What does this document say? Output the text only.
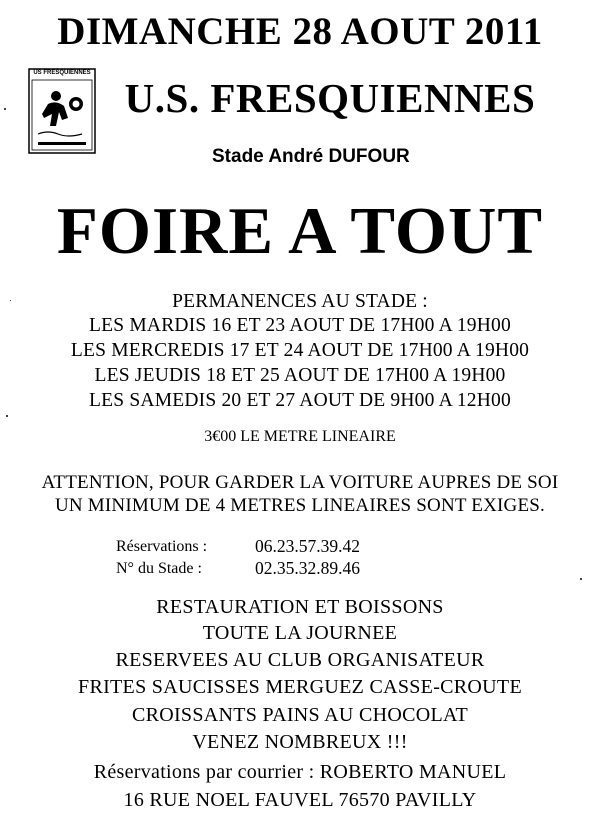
DIMANCHE 28 AOUT 2011
US FRESQUIENNES
U.S. FRESQUIENNES
Stade André DUFOUR
FOIRE A TOUT
PERMANENCES AU STADE :
LES MARDIS 16 ET 23 AOUT DE 17H00 A 19H00
LES MERCREDIS 17 ET 24 AOUT DE 17H00 A 19H00
LES JEUDIS 18 ET 25 AOUT DE 17H00 A 19H00
LES SAMEDIS 20 ET 27 AOUT DE 9H00 A 12H00
3€00 LE METRE LINEAIRE
ATTENTION, POUR GARDER LA VOITURE AUPRES DE SOI
UN MINIMUM DE 4 METRES LINEAIRES SONT EXIGES.
Réservations :	06.23.57.39.42
N° du Stade :	02.35.32.89.46
RESTAURATION ET BOISSONS
TOUTE LA JOURNEE
RESERVEES AU CLUB ORGANISATEUR
FRITES SAUCISSES MERGUEZ CASSE-CROUTE
CROISSANTS PAINS AU CHOCOLAT
VENEZ NOMBREUX !!!
Réservations par courrier : ROBERTO MANUEL
16 RUE NOEL FAUVEL 76570 PAVILLY
